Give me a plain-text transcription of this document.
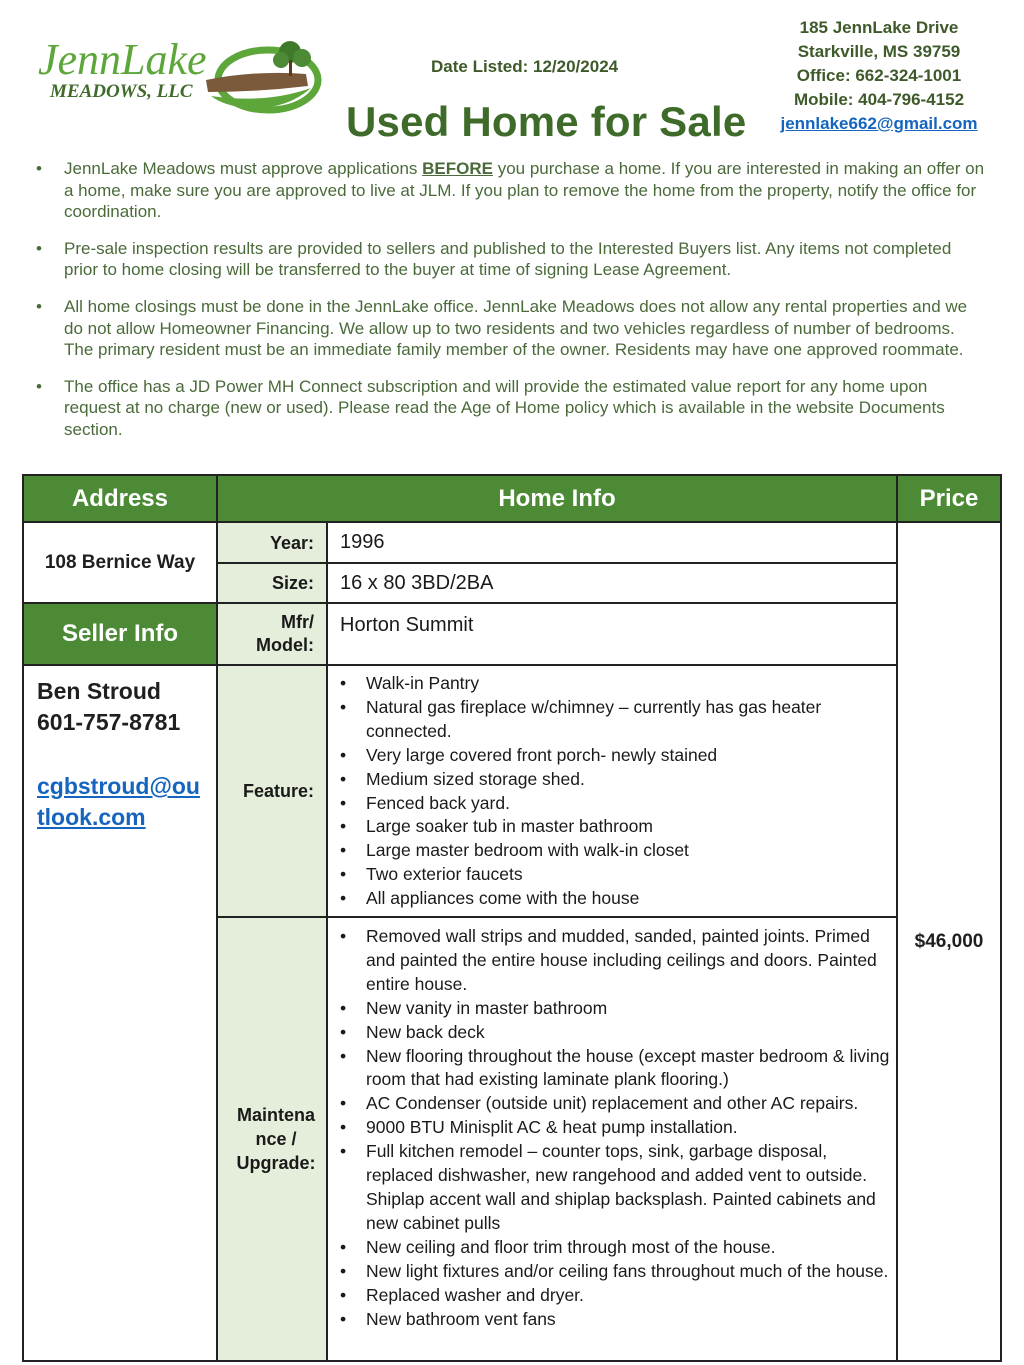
JennLake
MEADOWS, LLC
Date Listed: 12/20/2024
Used Home for Sale
185 JennLake Drive
Starkville, MS 39759
Office: 662-324-1001
Mobile: 404-796-4152
jennlake662@gmail.com
• JennLake Meadows must approve applications BEFORE you purchase a home. If you are interested in making an offer on a home, make sure you are approved to live at JLM. If you plan to remove the home from the property, notify the office for coordination.
• Pre-sale inspection results are provided to sellers and published to the Interested Buyers list. Any items not completed prior to home closing will be transferred to the buyer at time of signing Lease Agreement.
• All home closings must be done in the JennLake office. JennLake Meadows does not allow any rental properties and we do not allow Homeowner Financing. We allow up to two residents and two vehicles regardless of number of bedrooms. The primary resident must be an immediate family member of the owner. Residents may have one approved roommate.
• The office has a JD Power MH Connect subscription and will provide the estimated value report for any home upon request at no charge (new or used). Please read the Age of Home policy which is available in the website Documents section.
Address	Home Info	Price
108 Bernice Way
Seller Info
Ben Stroud
601-757-8781
cgbstroud@ou
tlook.com
Year:
Size:
Mfr/
Model:
Feature:
Maintena
nce /
Upgrade:
1996
16 x 80 3BD/2BA
Horton Summit
• Walk-in Pantry
• Natural gas fireplace w/chimney – currently has gas heater connected.
• Very large covered front porch- newly stained
• Medium sized storage shed.
• Fenced back yard.
• Large soaker tub in master bathroom
• Large master bedroom with walk-in closet
• Two exterior faucets
• All appliances come with the house
• Removed wall strips and mudded, sanded, painted joints. Primed and painted the entire house including ceilings and doors. Painted entire house.
• New vanity in master bathroom
• New back deck
• New flooring throughout the house (except master bedroom & living room that had existing laminate plank flooring.)
• AC Condenser (outside unit) replacement and other AC repairs.
• 9000 BTU Minisplit AC & heat pump installation.
• Full kitchen remodel – counter tops, sink, garbage disposal, replaced dishwasher, new rangehood and added vent to outside. Shiplap accent wall and shiplap backsplash. Painted cabinets and new cabinet pulls
• New ceiling and floor trim through most of the house.
• New light fixtures and/or ceiling fans throughout much of the house.
• Replaced washer and dryer.
• New bathroom vent fans
$46,000
